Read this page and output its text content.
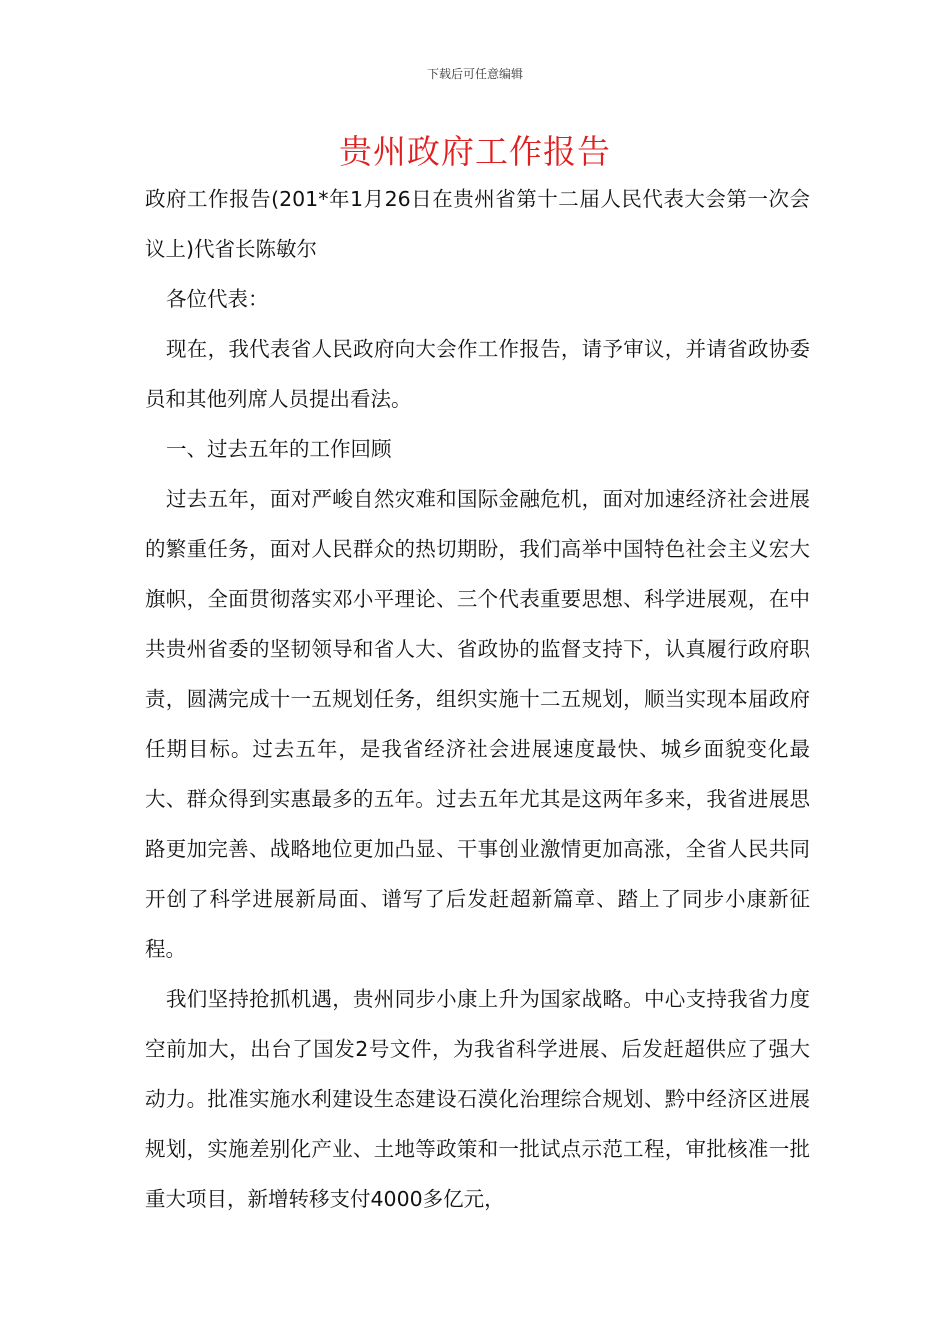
下载后可任意编辑
贵州政府工作报告

政府工作报告(201*年1月26日在贵州省第十二届人民代表大会第一次会议上)代省长陈敏尔

各位代表：

现在，我代表省人民政府向大会作工作报告，请予审议，并请省政协委员和其他列席人员提出看法。

一、过去五年的工作回顾

过去五年，面对严峻自然灾难和国际金融危机，面对加速经济社会进展的繁重任务，面对人民群众的热切期盼，我们高举中国特色社会主义宏大旗帜，全面贯彻落实邓小平理论、三个代表重要思想、科学进展观，在中共贵州省委的坚韧领导和省人大、省政协的监督支持下，认真履行政府职责，圆满完成十一五规划任务，组织实施十二五规划，顺当实现本届政府任期目标。过去五年，是我省经济社会进展速度最快、城乡面貌变化最大、群众得到实惠最多的五年。过去五年尤其是这两年多来，我省进展思路更加完善、战略地位更加凸显、干事创业激情更加高涨，全省人民共同开创了科学进展新局面、谱写了后发赶超新篇章、踏上了同步小康新征程。

我们坚持抢抓机遇，贵州同步小康上升为国家战略。中心支持我省力度空前加大，出台了国发2号文件，为我省科学进展、后发赶超供应了强大动力。批准实施水利建设生态建设石漠化治理综合规划、黔中经济区进展规划，实施差别化产业、土地等政策和一批试点示范工程，审批核准一批重大项目，新增转移支付4000多亿元，
